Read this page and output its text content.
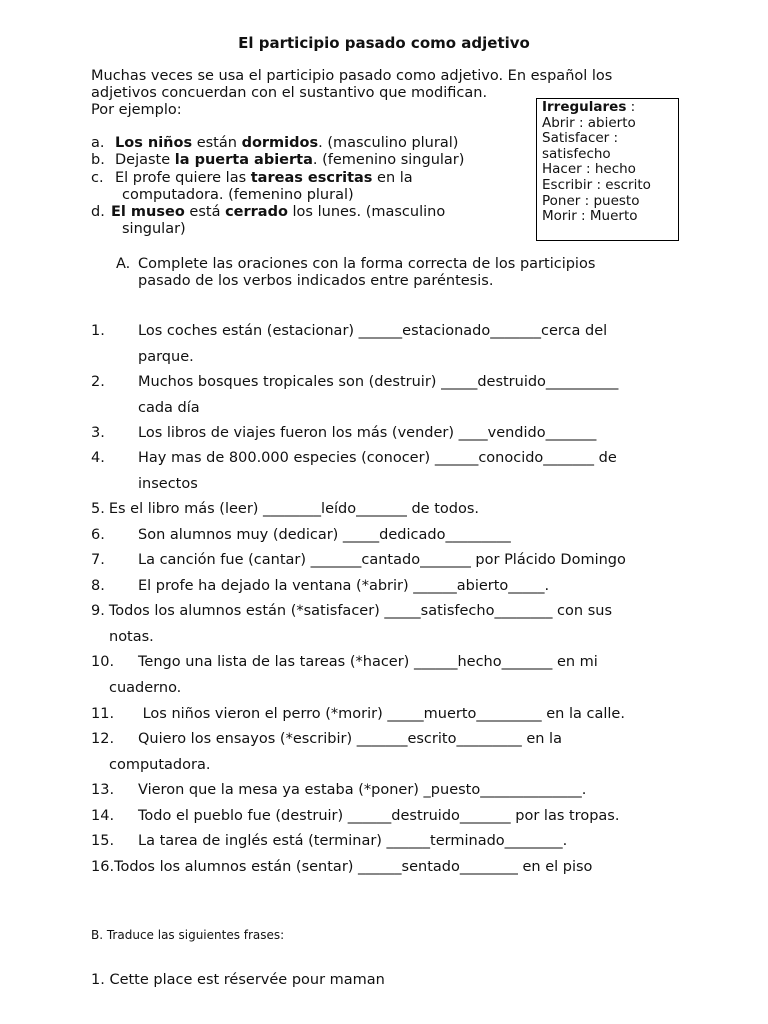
El participio pasado como adjetivo
Muchas veces se usa el participio pasado como adjetivo. En español los
adjetivos concuerdan con el sustantivo que modifican.
Por ejemplo:
a. Los niños están dormidos. (masculino plural)
b. Dejaste la puerta abierta. (femenino singular)
c. El profe quiere las tareas escritas en la
computadora. (femenino plural)
d. El museo está cerrado los lunes. (masculino
singular)
Irregulares :
Abrir : abierto
Satisfacer :
satisfecho
Hacer : hecho
Escribir : escrito
Poner : puesto
Morir : Muerto
A. Complete las oraciones con la forma correcta de los participios
pasado de los verbos indicados entre paréntesis.
1. Los coches están (estacionar) ______estacionado_______cerca del
parque.
2. Muchos bosques tropicales son (destruir) _____destruido__________
cada día
3. Los libros de viajes fueron los más (vender) ____vendido_______
4. Hay mas de 800.000 especies (conocer) ______conocido_______ de
insectos
5. Es el libro más (leer) ________leído_______ de todos.
6. Son alumnos muy (dedicar) _____dedicado_________
7. La canción fue (cantar) _______cantado_______ por Plácido Domingo
8. El profe ha dejado la ventana (*abrir) ______abierto_____.
9. Todos los alumnos están (*satisfacer) _____satisfecho________ con sus
notas.
10. Tengo una lista de las tareas (*hacer) ______hecho_______ en mi
cuaderno.
11. Los niños vieron el perro (*morir) _____muerto_________ en la calle.
12. Quiero los ensayos (*escribir) _______escrito_________ en la
computadora.
13. Vieron que la mesa ya estaba (*poner) _puesto______________.
14. Todo el pueblo fue (destruir) ______destruido_______ por las tropas.
15. La tarea de inglés está (terminar) ______terminado________.
16.Todos los alumnos están (sentar) ______sentado________ en el piso
B. Traduce las siguientes frases:
1. Cette place est réservée pour maman
